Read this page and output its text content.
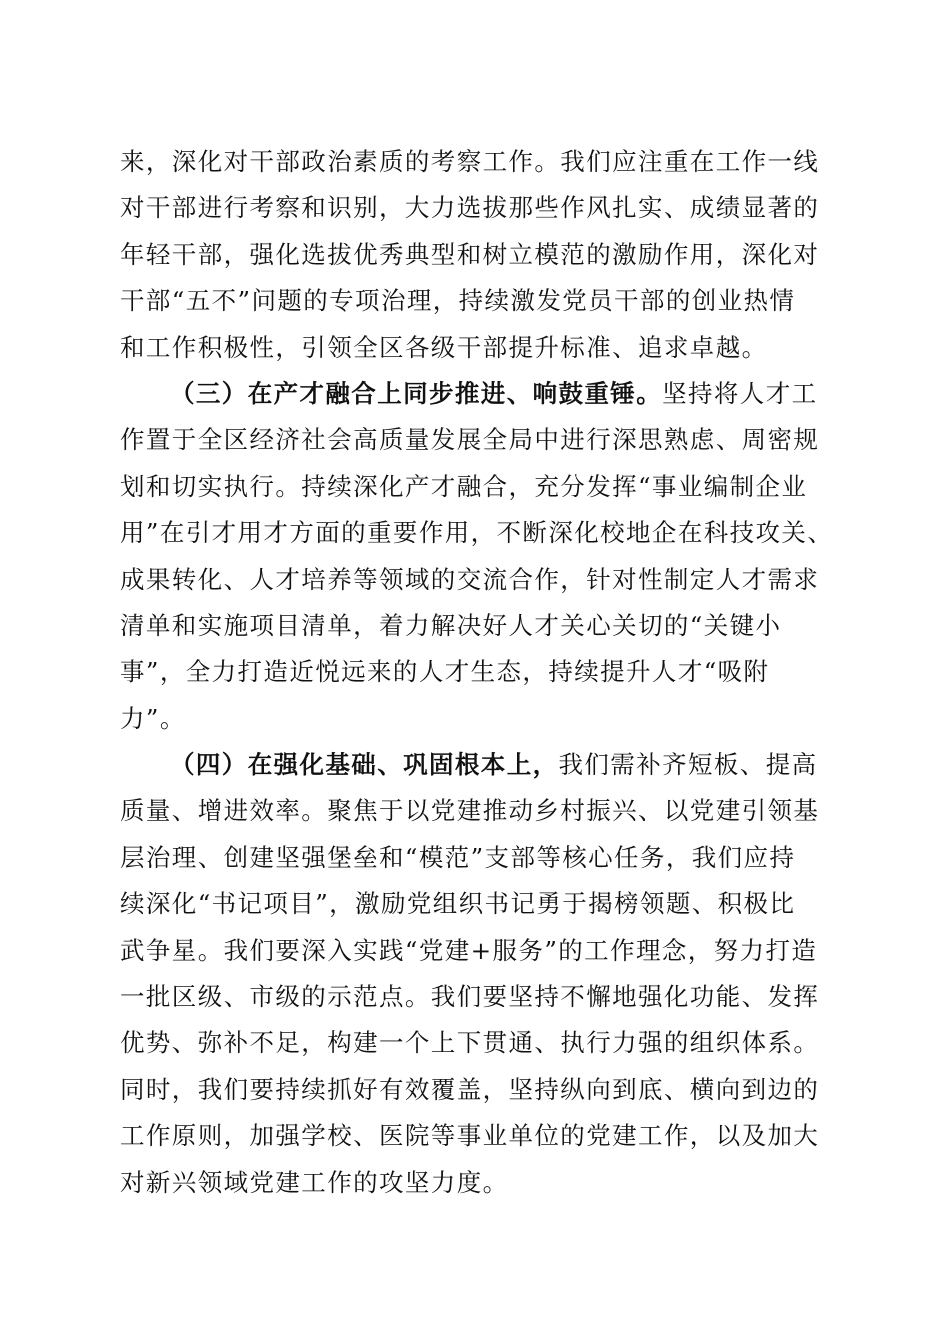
来，深化对干部政治素质的考察工作。我们应注重在工作一线
对干部进行考察和识别，大力选拔那些作风扎实、成绩显著的
年轻干部，强化选拔优秀典型和树立模范的激励作用，深化对
干部“五不”问题的专项治理，持续激发党员干部的创业热情
和工作积极性，引领全区各级干部提升标准、追求卓越。
（三）在产才融合上同步推进、响鼓重锤。坚持将人才工
作置于全区经济社会高质量发展全局中进行深思熟虑、周密规
划和切实执行。持续深化产才融合，充分发挥“事业编制企业
用”在引才用才方面的重要作用，不断深化校地企在科技攻关、
成果转化、人才培养等领域的交流合作，针对性制定人才需求
清单和实施项目清单，着力解决好人才关心关切的“关键小
事”，全力打造近悦远来的人才生态，持续提升人才“吸附
力”。
（四）在强化基础、巩固根本上，我们需补齐短板、提高
质量、增进效率。聚焦于以党建推动乡村振兴、以党建引领基
层治理、创建坚强堡垒和“模范”支部等核心任务，我们应持
续深化“书记项目”，激励党组织书记勇于揭榜领题、积极比
武争星。我们要深入实践“党建+服务”的工作理念，努力打造
一批区级、市级的示范点。我们要坚持不懈地强化功能、发挥
优势、弥补不足，构建一个上下贯通、执行力强的组织体系。
同时，我们要持续抓好有效覆盖，坚持纵向到底、横向到边的
工作原则，加强学校、医院等事业单位的党建工作，以及加大
对新兴领域党建工作的攻坚力度。
